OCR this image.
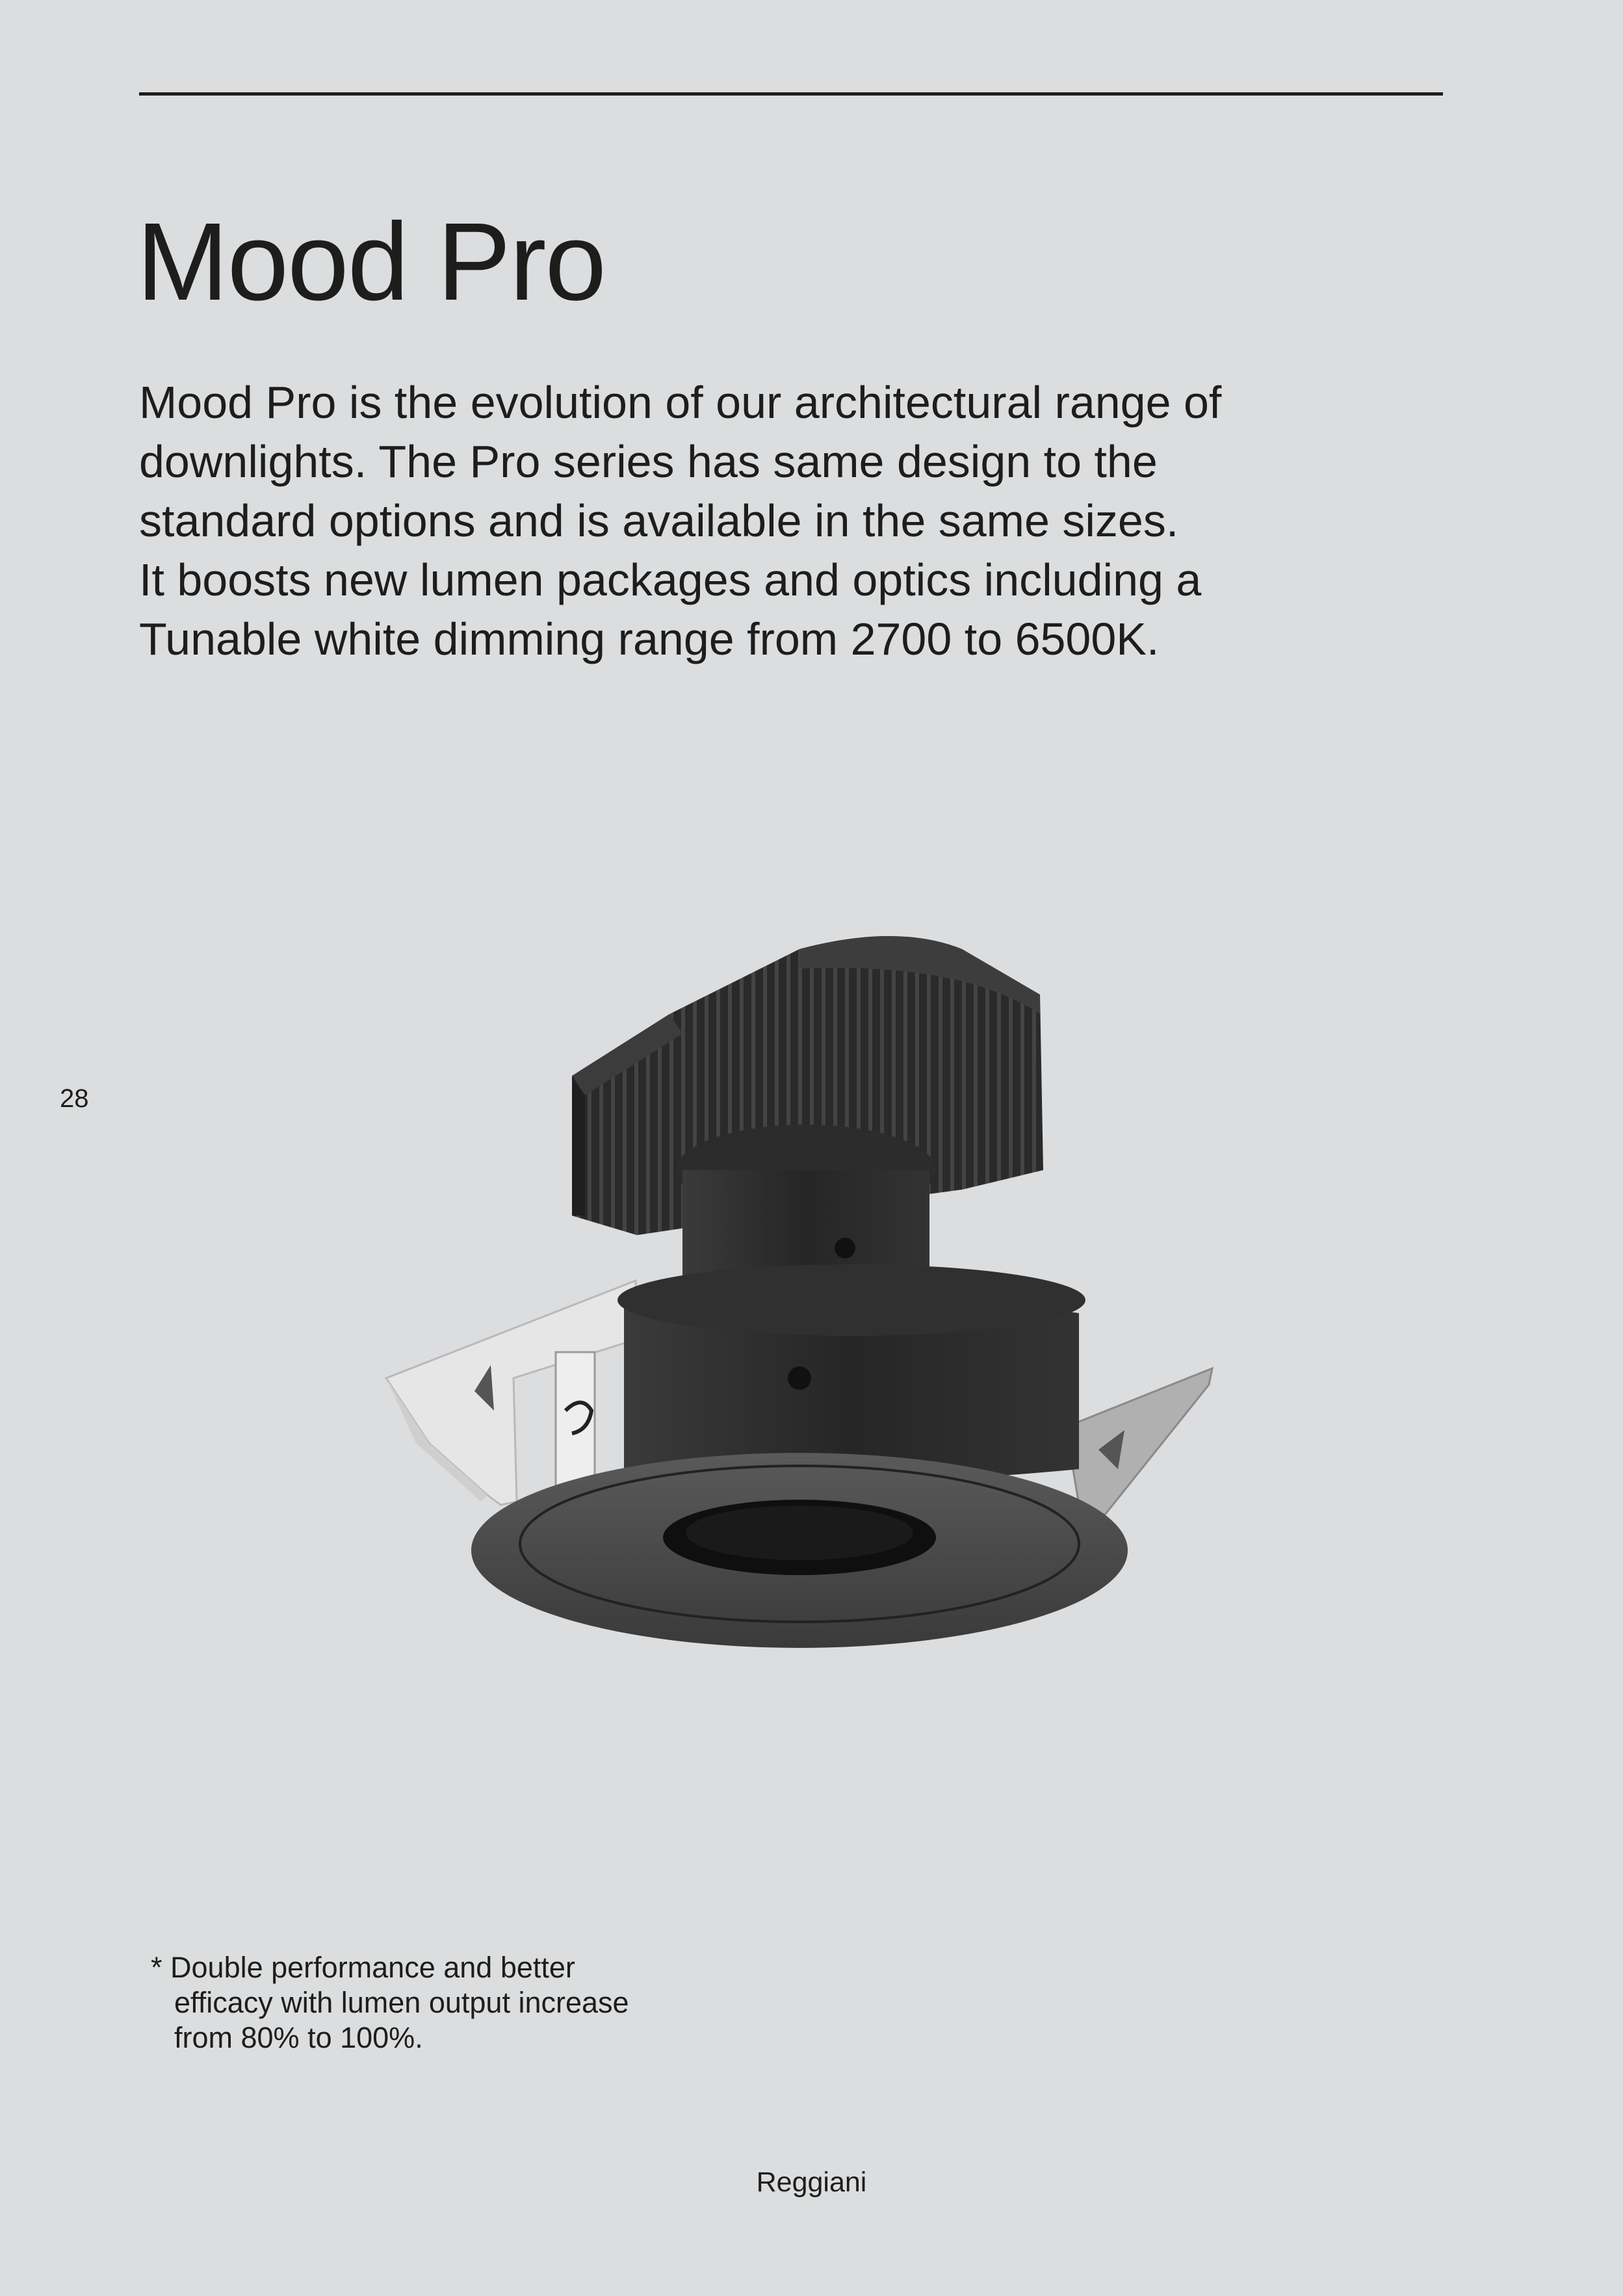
Mood Pro

Mood Pro is the evolution of our architectural range of
downlights. The Pro series has same design to the
standard options and is available in the same sizes.
It boosts new lumen packages and optics including a
Tunable white dimming range from 2700 to 6500K.

28

* Double performance and better
efficacy with lumen output increase
from 80% to 100%.

Reggiani
